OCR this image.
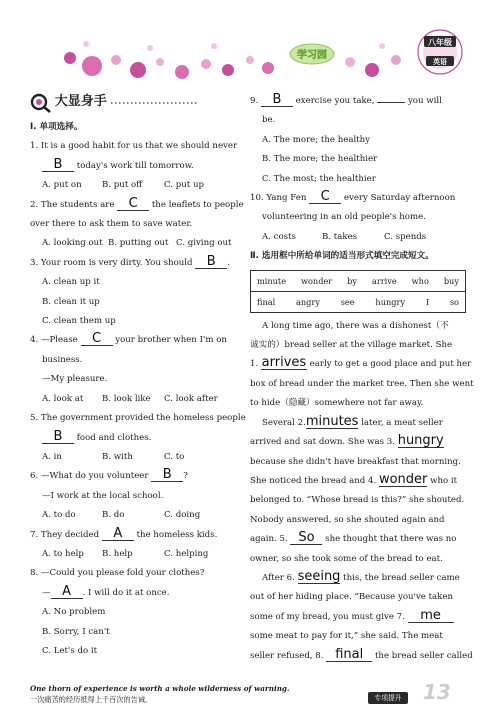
学习园
八年级
英语
大显身手
Ⅰ. 单项选择。
1. It is a good habit for us that we should never
B today's work till tomorrow.
A. put on B. put off	C. put up
2. The students are C the leaflets to people
over there to ask them to save water.
A. looking out B. putting out C. giving out
3. Your room is very dirty. You should B .
A. clean up it
B. clean it up
C. clean them up
4. —Please C your brother when I'm on
business.
—My pleasure.
A. look at B. look like C. look after
5. The government provided the homeless people
B food and clothes.
A. in	B. with	C. to
6. —What do you volunteer B ?
—I work at the local school.
A. to do	B. do	C. doing
7. They decided A the homeless kids.
A. to help B. help	C. helping
8. —Could you please fold your clothes?
— A . I will do it at once.
A. No problem
B. Sorry, I can't
C. Let's do it
9. B exercise you take,	you will
be.
A. The more; the healthy
B. The more; the healthier
C. The most; the healthier
10. Yang Fen C every Saturday afternoon
volunteering in an old people's home.
A. costs	B. takes	C. spends
Ⅱ. 选用框中所给单词的适当形式填空完成短文。
minute wonder by arrive who buy
final	angry	see	hungry	I	so
A long time ago, there was a dishonest（不
诚实的）bread seller at the village market. She
1. arrives early to get a good place and put her
box of bread under the market tree. Then she went
to hide（隐藏）somewhere not far away.
Several 2.minutes later, a meat seller
arrived and sat down. She was 3. hungry
because she didn't have breakfast that morning.
She noticed the bread and 4. wonder who it
belonged to. “Whose bread is this?” she shouted.
Nobody answered, so she shouted again and
again. 5. So she thought that there was no
owner, so she took some of the bread to eat.
After 6. seeing this, the bread seller came
out of her hiding place. “Because you've taken
some of my bread, you must give 7. me
some meat to pay for it,” she said. The meat
seller refused, 8. final the bread seller called
One thorn of experience is worth a whole wilderness of warning.
一次痛苦的经历抵得上千百次的告诫。	专项提升	13
